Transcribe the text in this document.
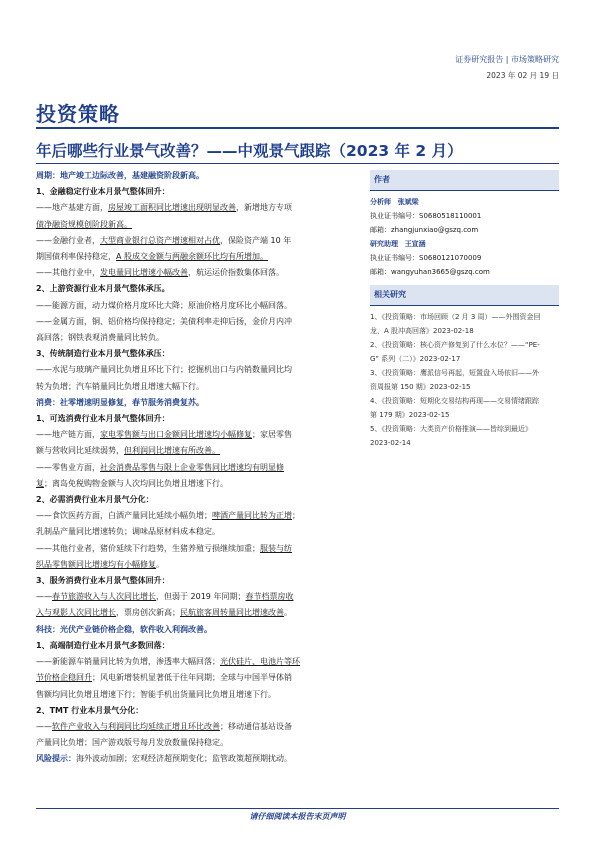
证券研究报告 | 市场策略研究
2023 年 02 月 19 日
投资策略
年后哪些行业景气改善？——中观景气跟踪（2023 年 2 月）

周期：地产竣工边际改善，基建融资阶段新高。

1、金融稳定行业本月景气整体回升：

——地产基建方面，房屋竣工面积同比增速出现明显改善，新增地方专项

债净融资规模创阶段新高。

——金融行业者，大型商业银行总资产增速相对占优，保险资产端 10 年

期国债利率保持稳定，A 股成交金额与两融余额环比均有所增加。

——其他行业中，发电量同比增速小幅改善，航运运价指数集体回落。

2、上游资源行业本月景气整体承压。

——能源方面，动力煤价格月度环比大降；原油价格月度环比小幅回落。

——金属方面，铜、铝价格均保持稳定；美债利率走抑后扬，金价月内冲

高回落；钢铁表观消费量同比转负。

3、传统制造行业本月景气整体承压：

——水泥与玻璃产量同比负增且环比下行；挖掘机出口与内销数量同比均

转为负增；汽车销量同比负增且增速大幅下行。

消费：社零增速明显修复，春节服务消费复苏。

1、可选消费行业本月景气整体回升：

——地产链方面，家电零售额与出口金额同比增速均小幅修复；家居零售

额与营收同比延续弱势，但利润同比增速有所改善。

——零售业方面，社会消费品零售与限上企业零售同比增速均有明显修

复；离岛免税购物金额与人次均同比负增且增速下行。

2、必需消费行业本月景气分化：

——食饮医药方面，白酒产量同比延续小幅负增；啤酒产量同比转为正增；

乳制品产量同比增速转负；调味品原材料成本稳定。

——其他行业者，猪价延续下行趋势，生猪养殖亏损继续加重；服装与纺

织品零售额同比增速均有小幅修复。

3、服务消费行业本月景气整体回升：

——春节旅游收入与人次同比增长，但弱于 2019 年同期；春节档票房收

入与观影人次同比增长，票房创次新高；民航旅客周转量同比增速改善。

科技：光伏产业链价格企稳，软件收入利润改善。

1、高端制造行业本月景气多数回落：

——新能源车销量同比转为负增，渗透率大幅回落；光伏硅片、电池片等环

节价格企稳回升；风电新增装机显著低于往年同期；全球与中国半导体销

售额均同比负增且增速下行；智能手机出货量同比负增且增速下行。

2、TMT 行业本月景气分化：

——软件产业收入与利润同比均延续正增且环比改善；移动通信基站设备

产量同比负增；国产游戏版号每月发放数量保持稳定。

风险提示：海外波动加剧；宏观经济超预期变化；监管政策超预期扰动。

作者

分析师 张斌梁

执业证书编号：S0680518110001

邮箱：zhangjunxiao@gszq.com

研究助理 王宣涵

执业证书编号：S0680121070009

邮箱：wangyuhan3665@gszq.com

相关研究

1、《投资策略：市场回顾（2 月 3 周）——外围资金回
龙，A 股冲高回落》2023-02-18

2、《投资策略：核心资产修复到了什么水位？——“PE-
G” 系列（二）》2023-02-17

3、《投资策略：鹰派信号再起，短置盘入场依旧——外
资周报第 150 期》2023-02-15

4、《投资策略：短期化交易结构再现——交易情绪跟踪
第 179 期》2023-02-15

5、《投资策略：大类资产价格推演——皆综到最近》
2023-02-14

请仔细阅读本报告末页声明
